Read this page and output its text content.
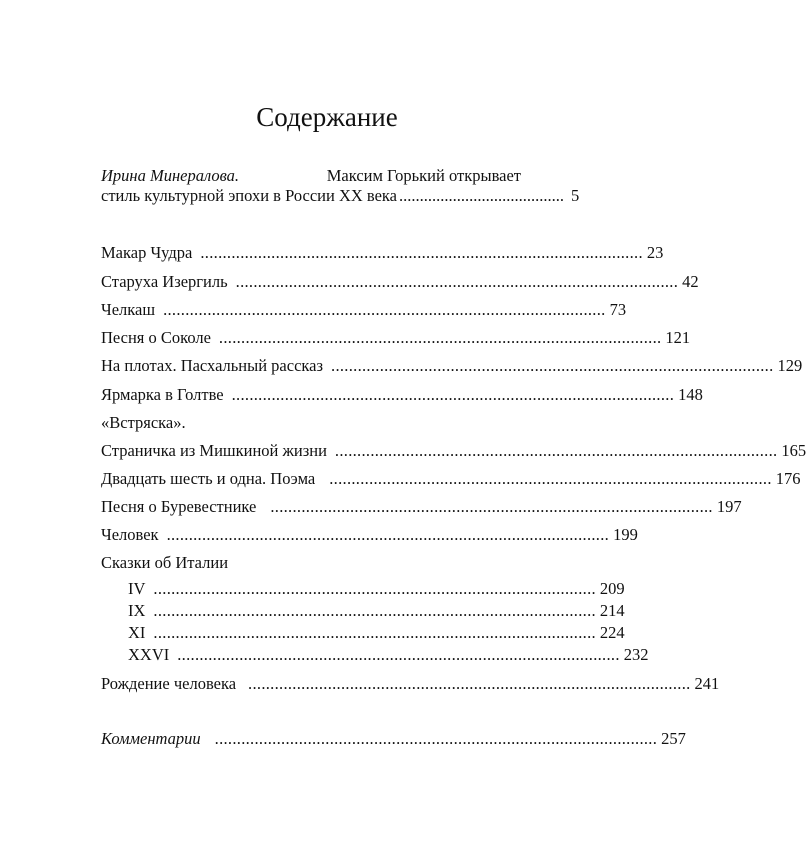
Содержание
Ирина Минералова.	Максим Горький открывает
стиль культурной эпохи в России XX века ........................................ 5
Макар Чудра .................................................................................................... 23
Старуха Изергиль .................................................................................................... 42
Челкаш .................................................................................................... 73
Песня о Соколе .................................................................................................... 121
На плотах. Пасхальный рассказ .................................................................................................... 129
Ярмарка в Голтве .................................................................................................... 148
«Встряска».
Страничка из Мишкиной жизни .................................................................................................... 165
Двадцать шесть и одна. Поэма .................................................................................................... 176
Песня о Буревестнике .................................................................................................... 197
Человек .................................................................................................... 199
Сказки об Италии
IV .................................................................................................... 209
IX .................................................................................................... 214
XI .................................................................................................... 224
XXVI .................................................................................................... 232
Рождение человека .................................................................................................... 241
Комментарии .................................................................................................... 257
